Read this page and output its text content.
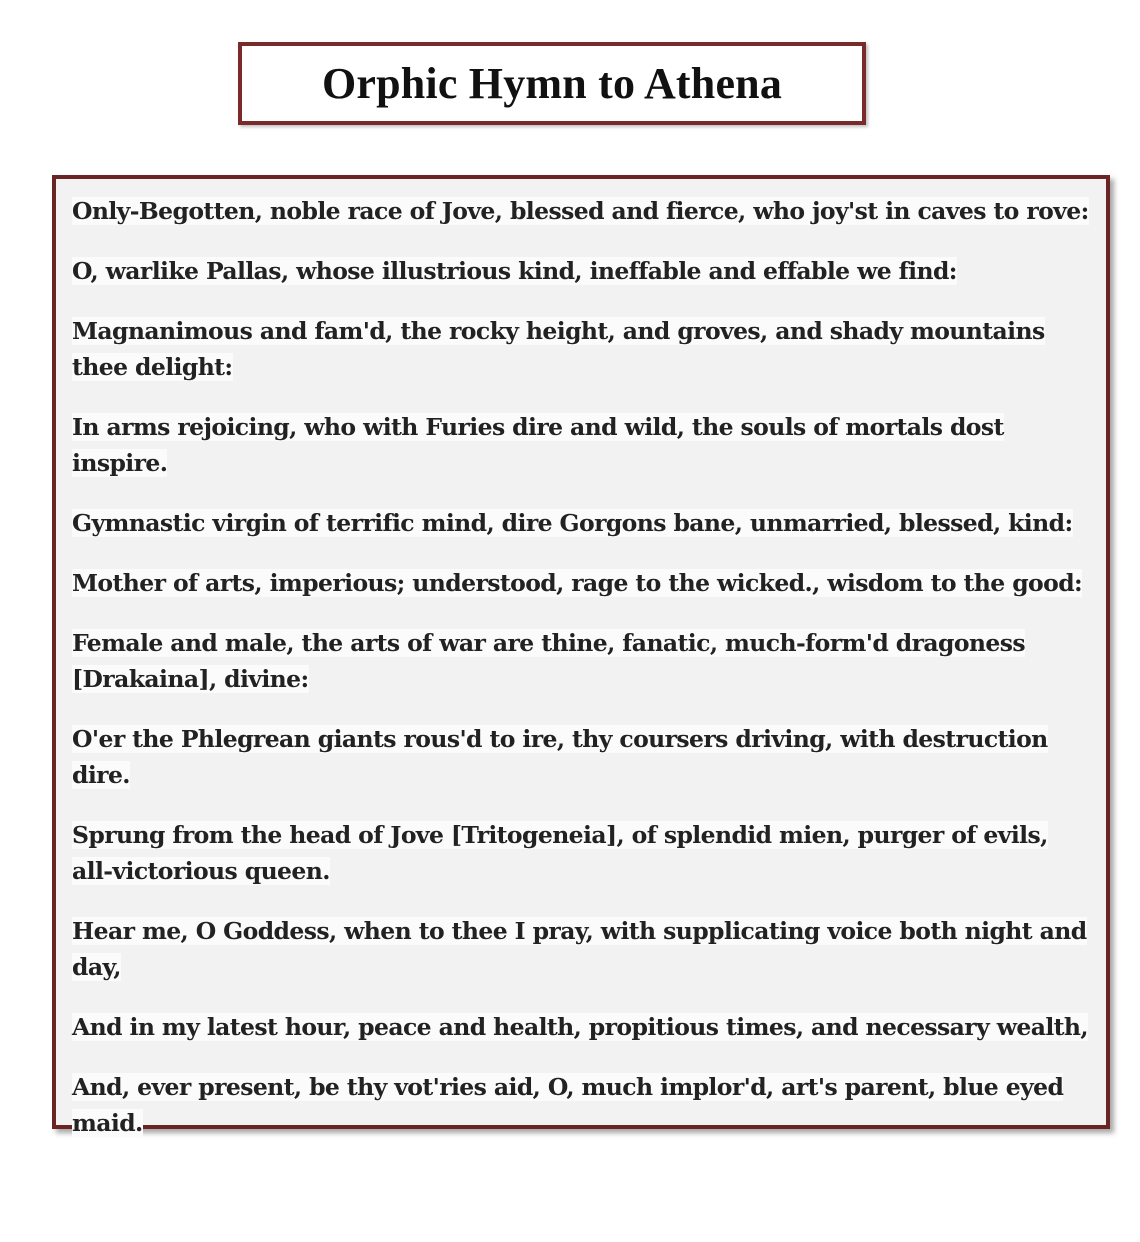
Orphic Hymn to Athena

Only-Begotten, noble race of Jove, blessed and fierce, who joy'st in caves to rove:

O, warlike Pallas, whose illustrious kind, ineffable and effable we find:

Magnanimous and fam'd, the rocky height, and groves, and shady mountains thee delight:

In arms rejoicing, who with Furies dire and wild, the souls of mortals dost inspire.

Gymnastic virgin of terrific mind, dire Gorgons bane, unmarried, blessed, kind:

Mother of arts, imperious; understood, rage to the wicked., wisdom to the good:

Female and male, the arts of war are thine, fanatic, much-form'd dragoness [Drakaina], divine:

O'er the Phlegrean giants rous'd to ire, thy coursers driving, with destruction dire.

Sprung from the head of Jove [Tritogeneia], of splendid mien, purger of evils, all-victorious queen.

Hear me, O Goddess, when to thee I pray, with supplicating voice both night and day,

And in my latest hour, peace and health, propitious times, and necessary wealth,

And, ever present, be thy vot'ries aid, O, much implor'd, art's parent, blue eyed maid.
